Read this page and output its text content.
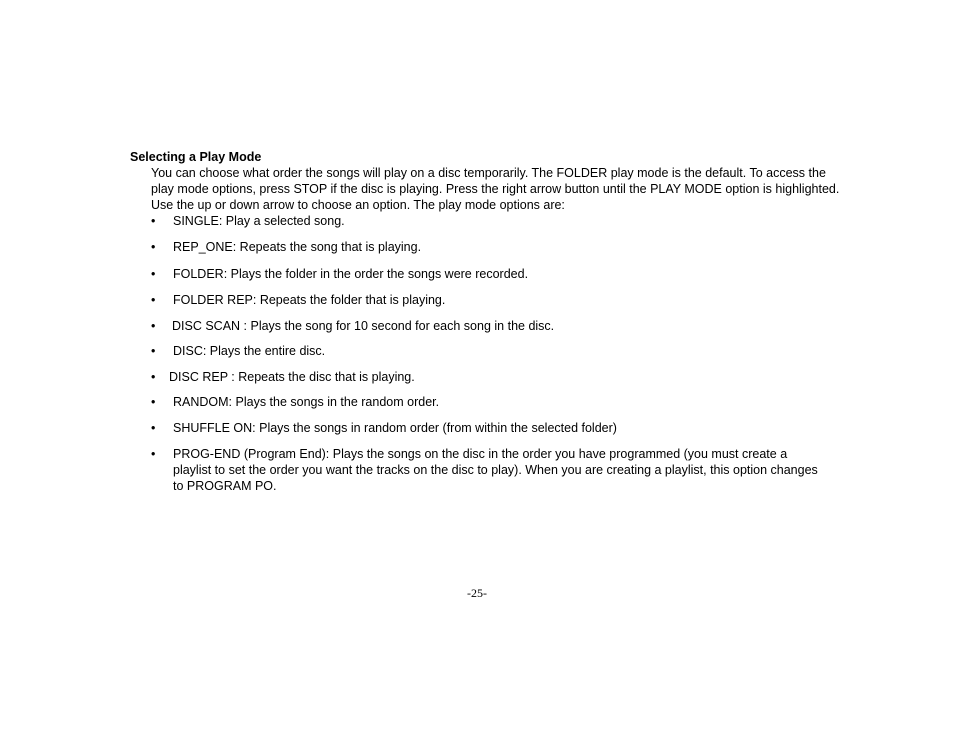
Selecting a Play Mode
You can choose what order the songs will play on a disc temporarily. The FOLDER play mode is the default. To access the
play mode options, press STOP if the disc is playing. Press the right arrow button until the PLAY MODE option is highlighted.
Use the up or down arrow to choose an option. The play mode options are:
•	SINGLE: Play a selected song.
•	REP_ONE: Repeats the song that is playing.
•	FOLDER: Plays the folder in the order the songs were recorded.
•	FOLDER REP: Repeats the folder that is playing.
•	DISC SCAN : Plays the song for 10 second for each song in the disc.
•	DISC: Plays the entire disc.
•	DISC REP : Repeats the disc that is playing.
•	RANDOM: Plays the songs in the random order.
•	SHUFFLE ON: Plays the songs in random order (from within the selected folder)
•	PROG-END (Program End): Plays the songs on the disc in the order you have programmed (you must create a playlist to set the order you want the tracks on the disc to play). When you are creating a playlist, this option changes to PROGRAM PO.
-25-
